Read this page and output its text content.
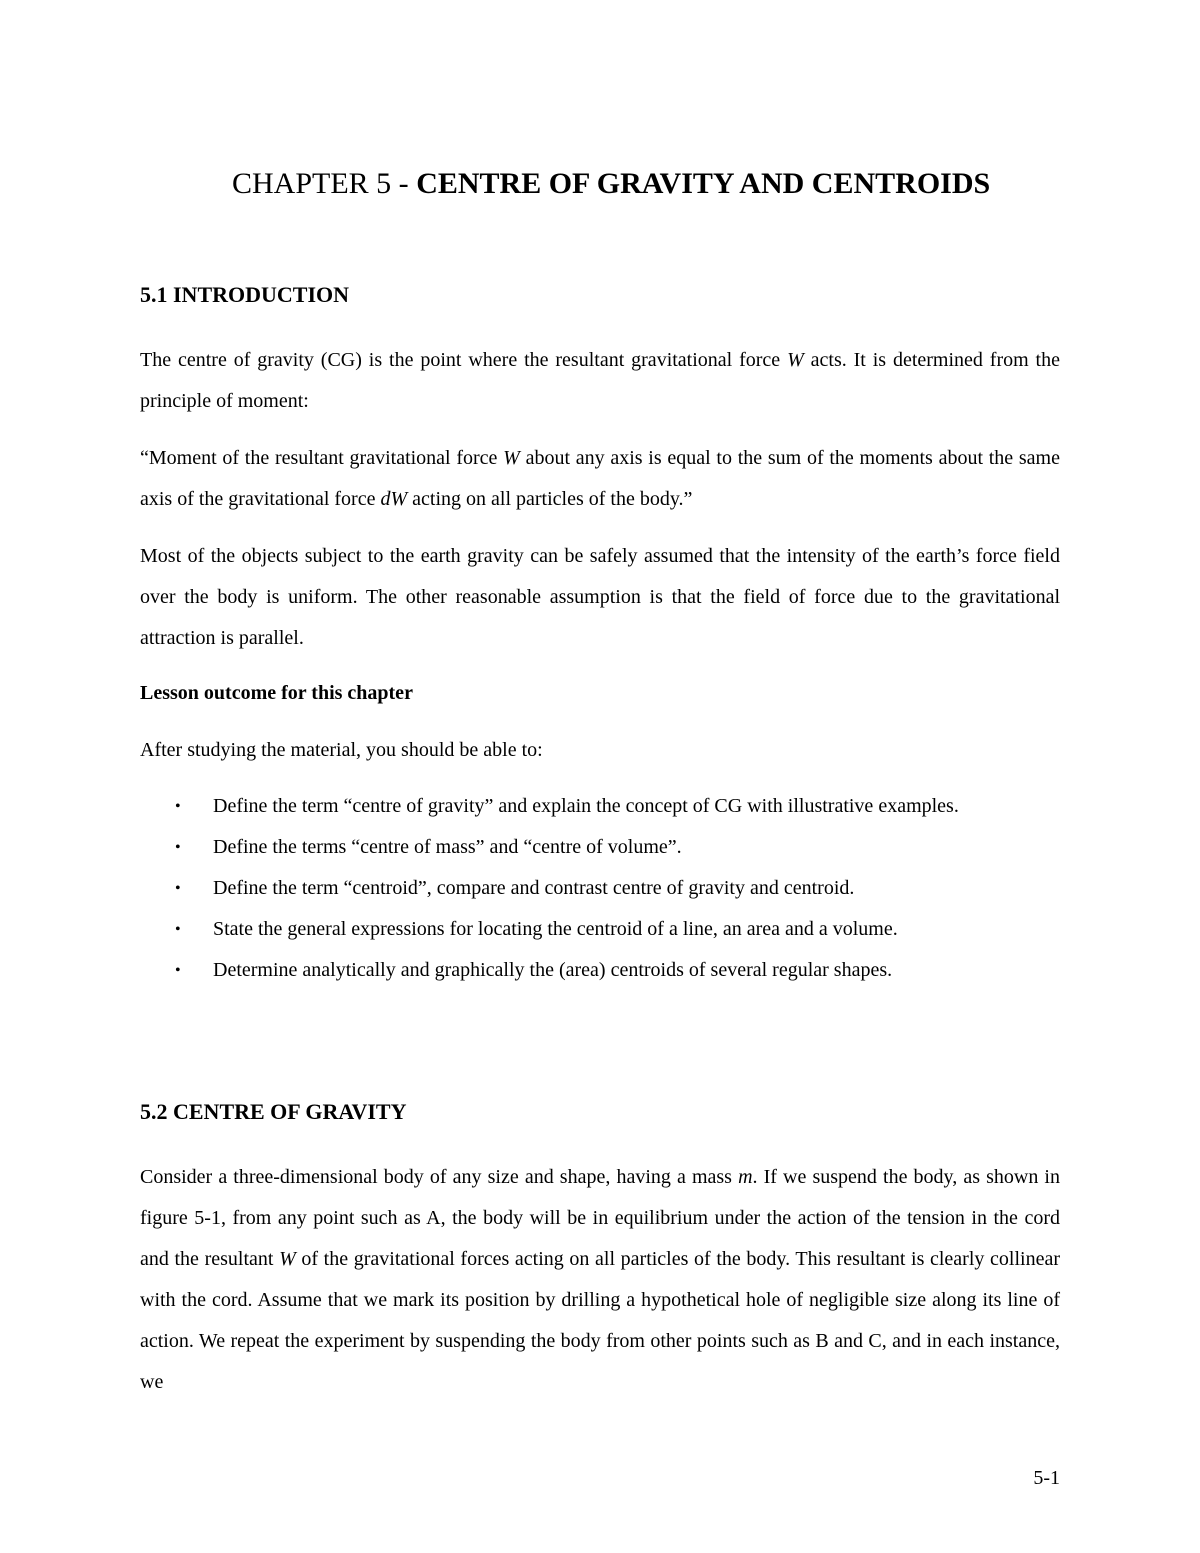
CHAPTER 5 - CENTRE OF GRAVITY AND CENTROIDS
5.1 INTRODUCTION

The centre of gravity (CG) is the point where the resultant gravitational force W acts. It is determined from the principle of moment:

“Moment of the resultant gravitational force W about any axis is equal to the sum of the moments about the same axis of the gravitational force dW acting on all particles of the body.”

Most of the objects subject to the earth gravity can be safely assumed that the intensity of the earth’s force field over the body is uniform. The other reasonable assumption is that the field of force due to the gravitational attraction is parallel.

Lesson outcome for this chapter

After studying the material, you should be able to:

• Define the term “centre of gravity” and explain the concept of CG with illustrative examples.
• Define the terms “centre of mass” and “centre of volume”.
• Define the term “centroid”, compare and contrast centre of gravity and centroid.
• State the general expressions for locating the centroid of a line, an area and a volume.
• Determine analytically and graphically the (area) centroids of several regular shapes.
5.2 CENTRE OF GRAVITY

Consider a three-dimensional body of any size and shape, having a mass m. If we suspend the body, as shown in figure 5-1, from any point such as A, the body will be in equilibrium under the action of the tension in the cord and the resultant W of the gravitational forces acting on all particles of the body. This resultant is clearly collinear with the cord. Assume that we mark its position by drilling a hypothetical hole of negligible size along its line of action. We repeat the experiment by suspending the body from other points such as B and C, and in each instance, we

5-1
